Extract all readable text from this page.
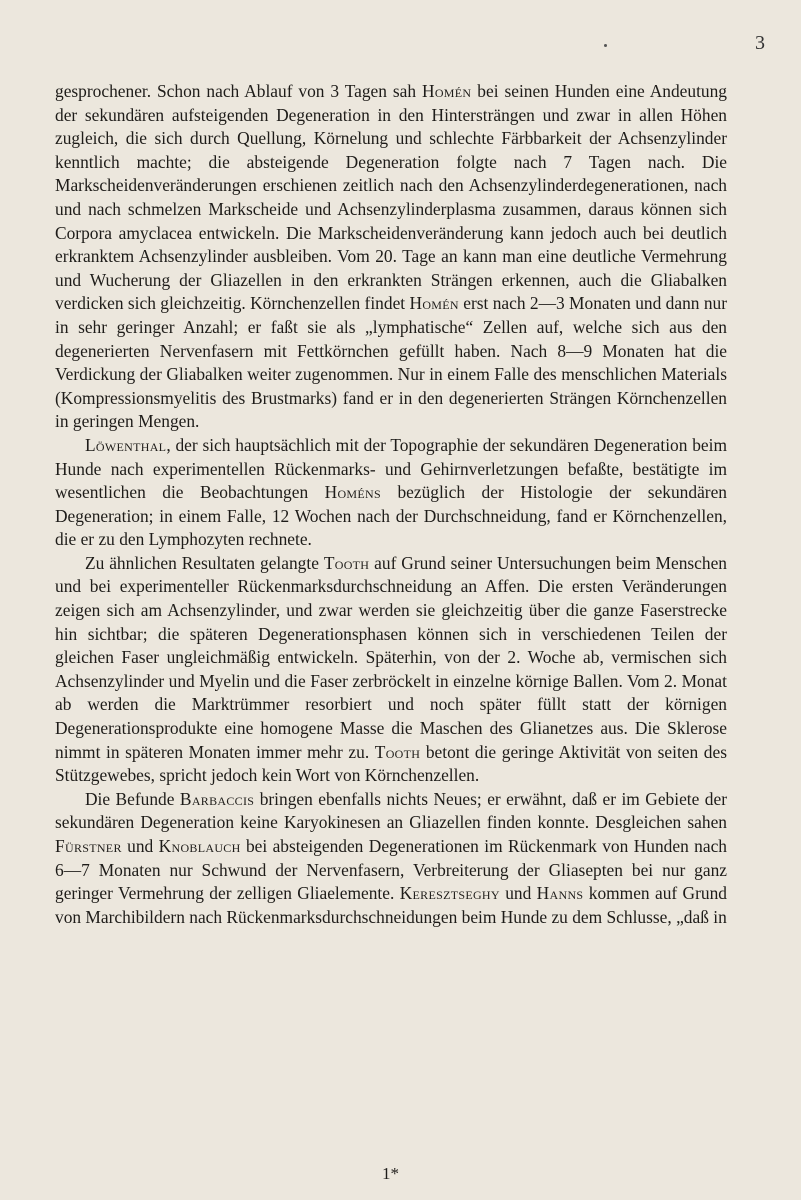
3

gesprochener. Schon nach Ablauf von 3 Tagen sah Homén bei seinen Hunden eine Andeutung der sekundären aufsteigenden Degeneration in den Hintersträngen und zwar in allen Höhen zugleich, die sich durch Quellung, Körnelung und schlechte Färbbarkeit der Achsenzylinder kenntlich machte; die absteigende Degeneration folgte nach 7 Tagen nach. Die Markscheidenveränderungen erschienen zeitlich nach den Achsenzylinderdegenerationen, nach und nach schmelzen Markscheide und Achsenzylinderplasma zusammen, daraus können sich Corpora amyclacea entwickeln. Die Markscheidenveränderung kann jedoch auch bei deutlich erkranktem Achsenzylinder ausbleiben. Vom 20. Tage an kann man eine deutliche Vermehrung und Wucherung der Gliazellen in den erkrankten Strängen erkennen, auch die Gliabalken verdicken sich gleichzeitig. Körnchenzellen findet Homén erst nach 2—3 Monaten und dann nur in sehr geringer Anzahl; er faßt sie als „lymphatische“ Zellen auf, welche sich aus den degenerierten Nervenfasern mit Fettkörnchen gefüllt haben. Nach 8—9 Monaten hat die Verdickung der Gliabalken weiter zugenommen. Nur in einem Falle des menschlichen Materials (Kompressionsmyelitis des Brustmarks) fand er in den degenerierten Strängen Körnchenzellen in geringen Mengen.

Löwenthal, der sich hauptsächlich mit der Topographie der sekundären Degeneration beim Hunde nach experimentellen Rückenmarks- und Gehirnverletzungen befaßte, bestätigte im wesentlichen die Beobachtungen Homéns bezüglich der Histologie der sekundären Degeneration; in einem Falle, 12 Wochen nach der Durchschneidung, fand er Körnchenzellen, die er zu den Lymphozyten rechnete.

Zu ähnlichen Resultaten gelangte Tooth auf Grund seiner Untersuchungen beim Menschen und bei experimenteller Rückenmarksdurchschneidung an Affen. Die ersten Veränderungen zeigen sich am Achsenzylinder, und zwar werden sie gleichzeitig über die ganze Faserstrecke hin sichtbar; die späteren Degenerationsphasen können sich in verschiedenen Teilen der gleichen Faser ungleichmäßig entwickeln. Späterhin, von der 2. Woche ab, vermischen sich Achsenzylinder und Myelin und die Faser zerbröckelt in einzelne körnige Ballen. Vom 2. Monat ab werden die Marktrümmer resorbiert und noch später füllt statt der körnigen Degenerationsprodukte eine homogene Masse die Maschen des Glianetzes aus. Die Sklerose nimmt in späteren Monaten immer mehr zu. Tooth betont die geringe Aktivität von seiten des Stützgewebes, spricht jedoch kein Wort von Körnchenzellen.

Die Befunde Barbaccis bringen ebenfalls nichts Neues; er erwähnt, daß er im Gebiete der sekundären Degeneration keine Karyokinesen an Gliazellen finden konnte. Desgleichen sahen Fürstner und Knoblauch bei absteigenden Degenerationen im Rückenmark von Hunden nach 6—7 Monaten nur Schwund der Nervenfasern, Verbreiterung der Gliasepten bei nur ganz geringer Vermehrung der zelligen Gliaelemente. Keresztseghy und Hanns kommen auf Grund von Marchibildern nach Rückenmarksdurchschneidungen beim Hunde zu dem Schlusse, „daß in

1*
